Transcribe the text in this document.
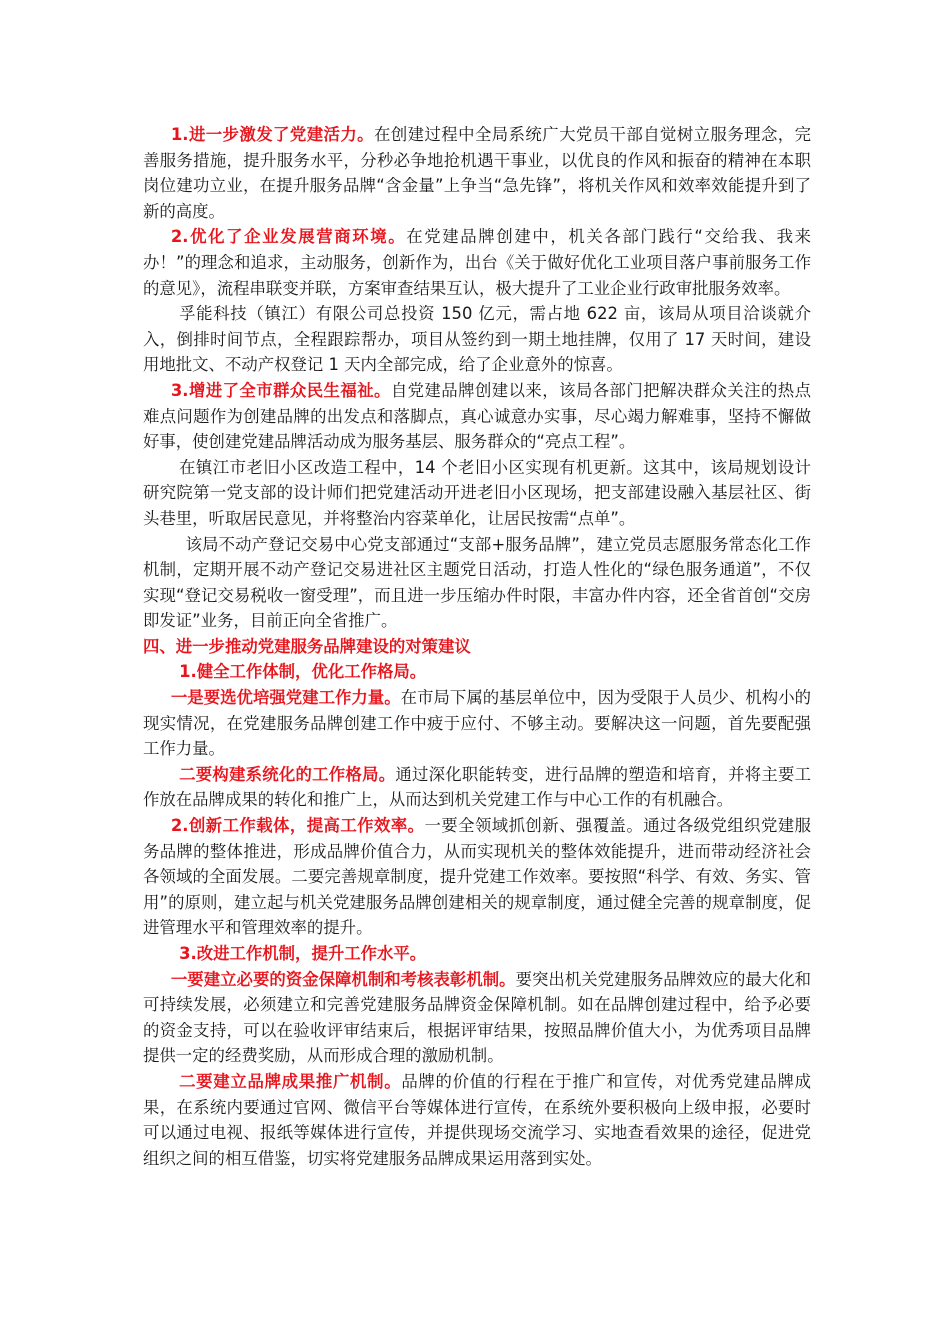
1.进一步激发了党建活力。在创建过程中全局系统广大党员干部自觉树立服务理念，完善服务措施，提升服务水平，分秒必争地抢机遇干事业，以优良的作风和振奋的精神在本职岗位建功立业，在提升服务品牌“含金量”上争当“急先锋”，将机关作风和效率效能提升到了新的高度。

2.优化了企业发展营商环境。在党建品牌创建中，机关各部门践行“交给我、我来办！”的理念和追求，主动服务，创新作为，出台《关于做好优化工业项目落户事前服务工作的意见》，流程串联变并联，方案审查结果互认，极大提升了工业企业行政审批服务效率。

孚能科技（镇江）有限公司总投资 150 亿元，需占地 622 亩，该局从项目洽谈就介入，倒排时间节点，全程跟踪帮办，项目从签约到一期土地挂牌，仅用了 17 天时间，建设用地批文、不动产权登记 1 天内全部完成，给了企业意外的惊喜。

3.增进了全市群众民生福祉。自党建品牌创建以来，该局各部门把解决群众关注的热点难点问题作为创建品牌的出发点和落脚点，真心诚意办实事，尽心竭力解难事，坚持不懈做好事，使创建党建品牌活动成为服务基层、服务群众的“亮点工程”。

在镇江市老旧小区改造工程中，14 个老旧小区实现有机更新。这其中，该局规划设计研究院第一党支部的设计师们把党建活动开进老旧小区现场，把支部建设融入基层社区、街头巷里，听取居民意见，并将整治内容菜单化，让居民按需“点单”。

该局不动产登记交易中心党支部通过“支部+服务品牌”，建立党员志愿服务常态化工作机制，定期开展不动产登记交易进社区主题党日活动，打造人性化的“绿色服务通道”，不仅实现“登记交易税收一窗受理”，而且进一步压缩办件时限，丰富办件内容，还全省首创“交房即发证”业务，目前正向全省推广。

四、进一步推动党建服务品牌建设的对策建议

1.健全工作体制，优化工作格局。

一是要选优培强党建工作力量。在市局下属的基层单位中，因为受限于人员少、机构小的现实情况，在党建服务品牌创建工作中疲于应付、不够主动。要解决这一问题，首先要配强工作力量。

二要构建系统化的工作格局。通过深化职能转变，进行品牌的塑造和培育，并将主要工作放在品牌成果的转化和推广上，从而达到机关党建工作与中心工作的有机融合。

2.创新工作载体，提高工作效率。一要全领域抓创新、强覆盖。通过各级党组织党建服务品牌的整体推进，形成品牌价值合力，从而实现机关的整体效能提升，进而带动经济社会各领域的全面发展。二要完善规章制度，提升党建工作效率。要按照“科学、有效、务实、管用”的原则，建立起与机关党建服务品牌创建相关的规章制度，通过健全完善的规章制度，促进管理水平和管理效率的提升。

3.改进工作机制，提升工作水平。

一要建立必要的资金保障机制和考核表彰机制。要突出机关党建服务品牌效应的最大化和可持续发展，必须建立和完善党建服务品牌资金保障机制。如在品牌创建过程中，给予必要的资金支持，可以在验收评审结束后，根据评审结果，按照品牌价值大小，为优秀项目品牌提供一定的经费奖励，从而形成合理的激励机制。

二要建立品牌成果推广机制。品牌的价值的行程在于推广和宣传，对优秀党建品牌成果，在系统内要通过官网、微信平台等媒体进行宣传，在系统外要积极向上级申报，必要时可以通过电视、报纸等媒体进行宣传，并提供现场交流学习、实地查看效果的途径，促进党组织之间的相互借鉴，切实将党建服务品牌成果运用落到实处。
